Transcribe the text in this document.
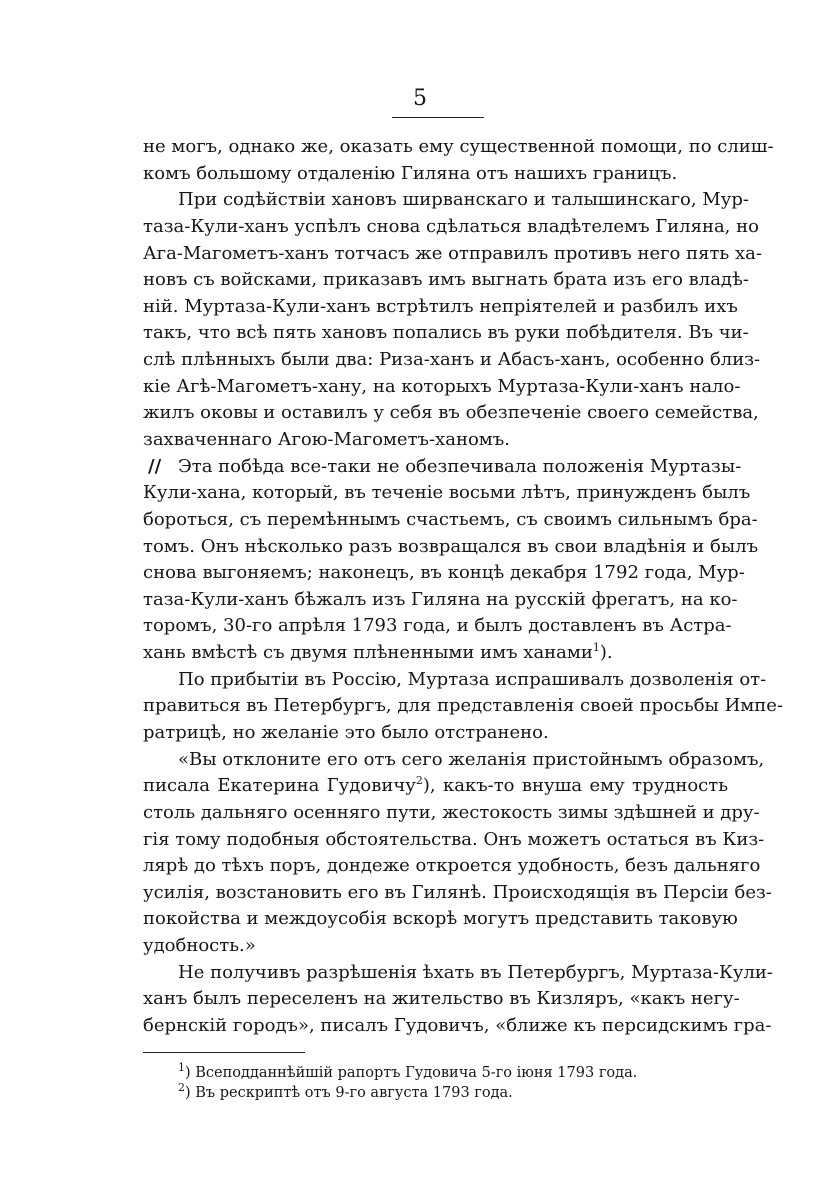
5
не могъ, однако же, оказать ему существенной помощи, по слиш-
комъ большому отдаленію Гиляна отъ нашихъ границъ.
При содѣйствіи хановъ ширванскаго и талышинскаго, Мур-
таза-Кули-ханъ успѣлъ снова сдѣлаться владѣтелемъ Гиляна, но
Ага-Магометъ-ханъ тотчасъ же отправилъ противъ него пять ха-
новъ съ войсками, приказавъ имъ выгнать брата изъ его владѣ-
ній. Муртаза-Кули-ханъ встрѣтилъ непріятелей и разбилъ ихъ
такъ, что всѣ пять хановъ попались въ руки побѣдителя. Въ чи-
слѣ плѣнныхъ были два: Риза-ханъ и Абасъ-ханъ, особенно близ-
кіе Агѣ-Магометъ-хану, на которыхъ Муртаза-Кули-ханъ нало-
жилъ оковы и оставилъ у себя въ обезпеченіе своего семейства,
захваченнаго Агою-Магометъ-ханомъ.
// Эта побѣда все-таки не обезпечивала положенія Муртазы-
Кули-хана, который, въ теченіе восьми лѣтъ, принужденъ былъ
бороться, съ перемѣннымъ счастьемъ, съ своимъ сильнымъ бра-
томъ. Онъ нѣсколько разъ возвращался въ свои владѣнія и былъ
снова выгоняемъ; наконецъ, въ концѣ декабря 1792 года, Мур-
таза-Кули-ханъ бѣжалъ изъ Гиляна на русскій фрегатъ, на ко-
торомъ, 30-го апрѣля 1793 года, и былъ доставленъ въ Астра-
хань вмѣстѣ съ двумя плѣненными имъ ханами$^1$).
По прибытіи въ Россію, Муртаза испрашивалъ дозволенія от-
правиться въ Петербургъ, для представленія своей просьбы Импе-
ратрицѣ, но желаніе это было отстранено.
«Вы отклоните его отъ сего желанія пристойнымъ образомъ,
писала Екатерина Гудовичу$^2$), какъ-то внуша ему трудность
столь дальняго осенняго пути, жестокость зимы здѣшней и дру-
гія тому подобныя обстоятельства. Онъ можетъ остаться въ Киз-
лярѣ до тѣхъ поръ, дондеже откроется удобность, безъ дальняго
усилія, возстановить его въ Гилянѣ. Происходящія въ Персіи без-
покойства и междоусобія вскорѣ могутъ представить таковую
удобность.»
Не получивъ разрѣшенія ѣхать въ Петербургъ, Муртаза-Кули-
ханъ былъ переселенъ на жительство въ Кизляръ, «какъ негу-
бернскій городъ», писалъ Гудовичъ, «ближе къ персидскимъ гра-
$^1$) Всеподданнѣйшій рапортъ Гудовича 5-го іюня 1793 года.
$^2$) Въ рескриптѣ отъ 9-го августа 1793 года.
